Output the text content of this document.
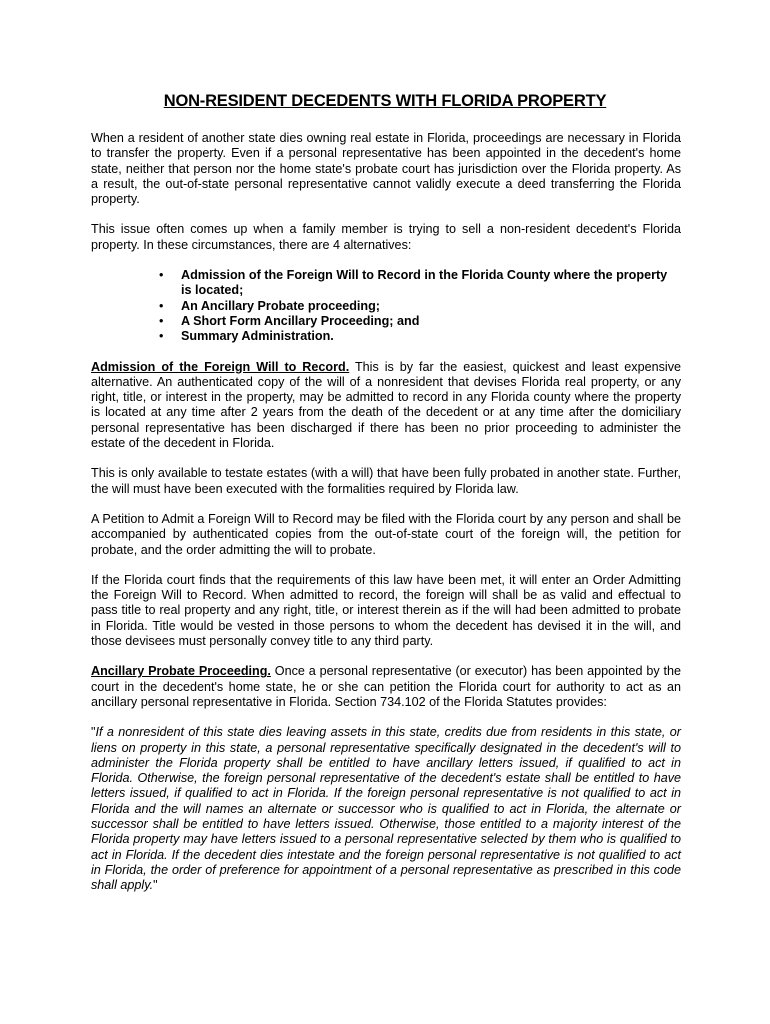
NON-RESIDENT DECEDENTS WITH FLORIDA PROPERTY

When a resident of another state dies owning real estate in Florida, proceedings are necessary in Florida to transfer the property. Even if a personal representative has been appointed in the decedent's home state, neither that person nor the home state's probate court has jurisdiction over the Florida property. As a result, the out-of-state personal representative cannot validly execute a deed transferring the Florida property.

This issue often comes up when a family member is trying to sell a non-resident decedent's Florida property. In these circumstances, there are 4 alternatives:

• Admission of the Foreign Will to Record in the Florida County where the property is located;
• An Ancillary Probate proceeding;
• A Short Form Ancillary Proceeding; and
• Summary Administration.

Admission of the Foreign Will to Record. This is by far the easiest, quickest and least expensive alternative. An authenticated copy of the will of a nonresident that devises Florida real property, or any right, title, or interest in the property, may be admitted to record in any Florida county where the property is located at any time after 2 years from the death of the decedent or at any time after the domiciliary personal representative has been discharged if there has been no prior proceeding to administer the estate of the decedent in Florida.

This is only available to testate estates (with a will) that have been fully probated in another state. Further, the will must have been executed with the formalities required by Florida law.

A Petition to Admit a Foreign Will to Record may be filed with the Florida court by any person and shall be accompanied by authenticated copies from the out-of-state court of the foreign will, the petition for probate, and the order admitting the will to probate.

If the Florida court finds that the requirements of this law have been met, it will enter an Order Admitting the Foreign Will to Record. When admitted to record, the foreign will shall be as valid and effectual to pass title to real property and any right, title, or interest therein as if the will had been admitted to probate in Florida. Title would be vested in those persons to whom the decedent has devised it in the will, and those devisees must personally convey title to any third party.

Ancillary Probate Proceeding. Once a personal representative (or executor) has been appointed by the court in the decedent's home state, he or she can petition the Florida court for authority to act as an ancillary personal representative in Florida. Section 734.102 of the Florida Statutes provides:

"If a nonresident of this state dies leaving assets in this state, credits due from residents in this state, or liens on property in this state, a personal representative specifically designated in the decedent's will to administer the Florida property shall be entitled to have ancillary letters issued, if qualified to act in Florida. Otherwise, the foreign personal representative of the decedent's estate shall be entitled to have letters issued, if qualified to act in Florida. If the foreign personal representative is not qualified to act in Florida and the will names an alternate or successor who is qualified to act in Florida, the alternate or successor shall be entitled to have letters issued. Otherwise, those entitled to a majority interest of the Florida property may have letters issued to a personal representative selected by them who is qualified to act in Florida. If the decedent dies intestate and the foreign personal representative is not qualified to act in Florida, the order of preference for appointment of a personal representative as prescribed in this code shall apply."
